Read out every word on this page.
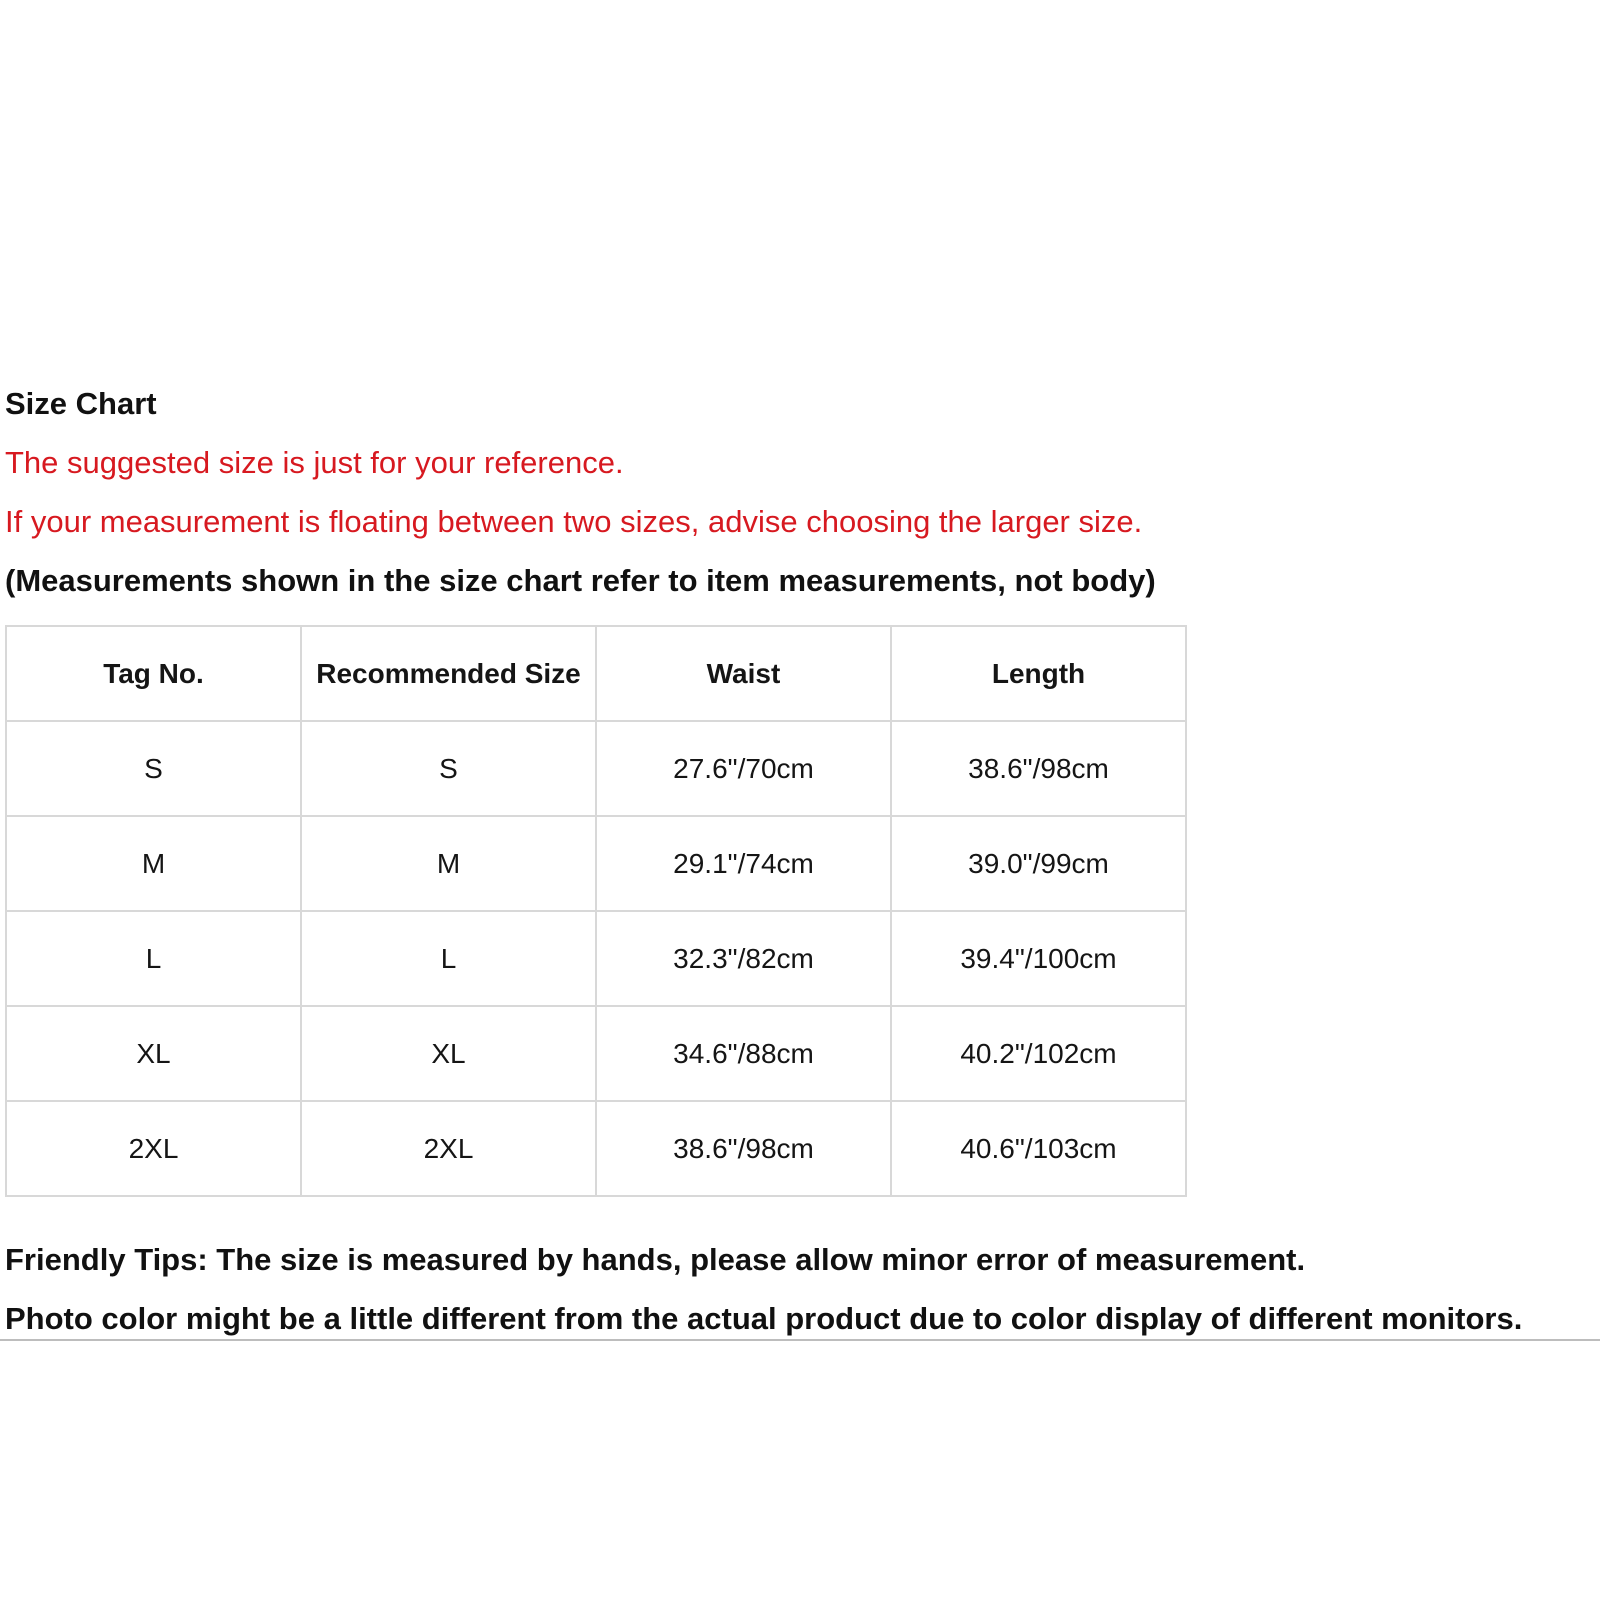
Size Chart
The suggested size is just for your reference.
If your measurement is floating between two sizes, advise choosing the larger size.
(Measurements shown in the size chart refer to item measurements, not body)
Tag No.	Recommended Size	Waist	Length
S	S	27.6"/70cm	38.6"/98cm
M	M	29.1"/74cm	39.0"/99cm
L	L	32.3"/82cm	39.4"/100cm
XL	XL	34.6"/88cm	40.2"/102cm
2XL	2XL	38.6"/98cm	40.6"/103cm
Friendly Tips: The size is measured by hands, please allow minor error of measurement.
Photo color might be a little different from the actual product due to color display of different monitors.
